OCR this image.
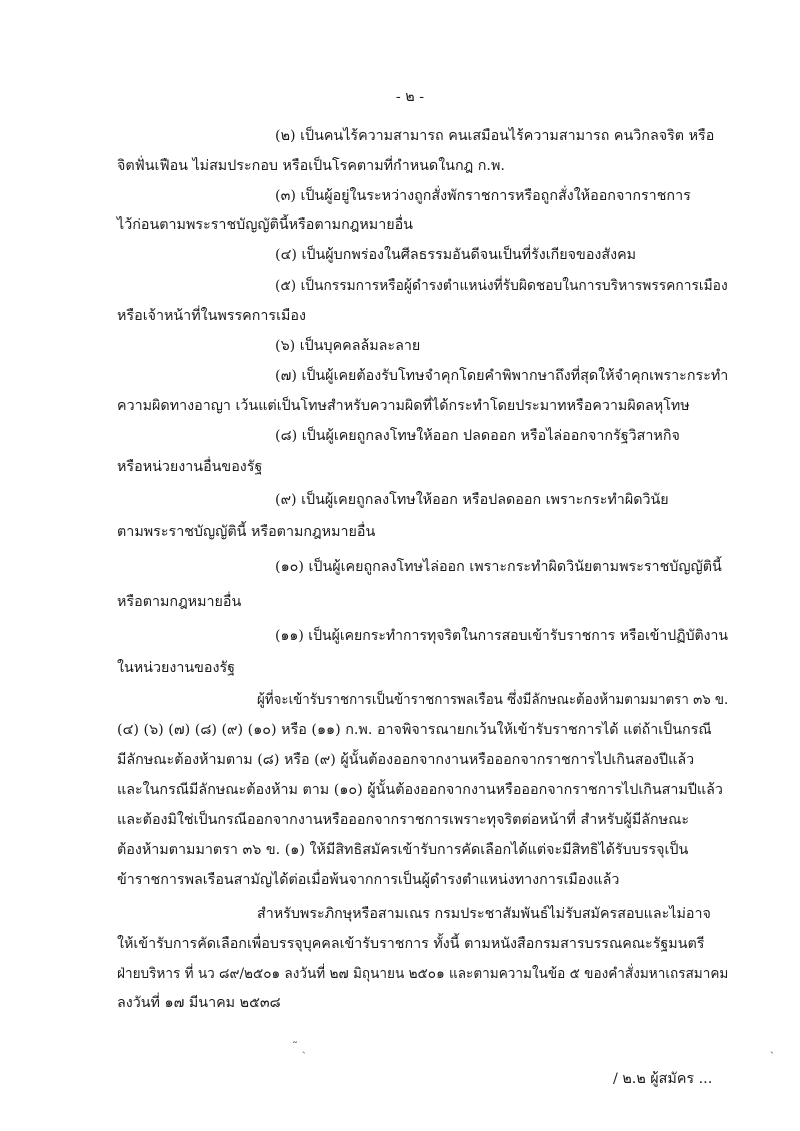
- ๒ -
(๒) เป็นคนไร้ความสามารถ คนเสมือนไร้ความสามารถ คนวิกลจริต หรือ
จิตฟั่นเฟือน ไม่สมประกอบ หรือเป็นโรคตามที่กำหนดในกฎ ก.พ.
(๓) เป็นผู้อยู่ในระหว่างถูกสั่งพักราชการหรือถูกสั่งให้ออกจากราชการ
ไว้ก่อนตามพระราชบัญญัตินี้หรือตามกฎหมายอื่น
(๔) เป็นผู้บกพร่องในศีลธรรมอันดีจนเป็นที่รังเกียจของสังคม
(๕) เป็นกรรมการหรือผู้ดำรงตำแหน่งที่รับผิดชอบในการบริหารพรรคการเมือง
หรือเจ้าหน้าที่ในพรรคการเมือง
(๖) เป็นบุคคลล้มละลาย
(๗) เป็นผู้เคยต้องรับโทษจำคุกโดยคำพิพากษาถึงที่สุดให้จำคุกเพราะกระทำ
ความผิดทางอาญา เว้นแต่เป็นโทษสำหรับความผิดที่ได้กระทำโดยประมาทหรือความผิดลหุโทษ
(๘) เป็นผู้เคยถูกลงโทษให้ออก ปลดออก หรือไล่ออกจากรัฐวิสาหกิจ
หรือหน่วยงานอื่นของรัฐ
(๙) เป็นผู้เคยถูกลงโทษให้ออก หรือปลดออก เพราะกระทำผิดวินัย
ตามพระราชบัญญัตินี้ หรือตามกฎหมายอื่น
(๑๐) เป็นผู้เคยถูกลงโทษไล่ออก เพราะกระทำผิดวินัยตามพระราชบัญญัตินี้
หรือตามกฎหมายอื่น
(๑๑) เป็นผู้เคยกระทำการทุจริตในการสอบเข้ารับราชการ หรือเข้าปฏิบัติงาน
ในหน่วยงานของรัฐ
ผู้ที่จะเข้ารับราชการเป็นข้าราชการพลเรือน ซึ่งมีลักษณะต้องห้ามตามมาตรา ๓๖ ข.
(๔) (๖) (๗) (๘) (๙) (๑๐) หรือ (๑๑) ก.พ. อาจพิจารณายกเว้นให้เข้ารับราชการได้ แต่ถ้าเป็นกรณี
มีลักษณะต้องห้ามตาม (๘) หรือ (๙) ผู้นั้นต้องออกจากงานหรือออกจากราชการไปเกินสองปีแล้ว
และในกรณีมีลักษณะต้องห้าม ตาม (๑๐) ผู้นั้นต้องออกจากงานหรือออกจากราชการไปเกินสามปีแล้ว
และต้องมิใช่เป็นกรณีออกจากงานหรือออกจากราชการเพราะทุจริตต่อหน้าที่ สำหรับผู้มีลักษณะ
ต้องห้ามตามมาตรา ๓๖ ข. (๑) ให้มีสิทธิสมัครเข้ารับการคัดเลือกได้แต่จะมีสิทธิได้รับบรรจุเป็น
ข้าราชการพลเรือนสามัญได้ต่อเมื่อพ้นจากการเป็นผู้ดำรงตำแหน่งทางการเมืองแล้ว
สำหรับพระภิกษุหรือสามเณร กรมประชาสัมพันธ์ไม่รับสมัครสอบและไม่อาจ
ให้เข้ารับการคัดเลือกเพื่อบรรจุบุคคลเข้ารับราชการ ทั้งนี้ ตามหนังสือกรมสารบรรณคณะรัฐมนตรี
ฝ่ายบริหาร ที่ นว ๘๙/๒๕๐๑ ลงวันที่ ๒๗ มิถุนายน ๒๕๐๑ และตามความในข้อ ๕ ของคำสั่งมหาเถรสมาคม
ลงวันที่ ๑๗ มีนาคม ๒๕๓๘
˜ ˏ	ˏ
/ ๒.๒ ผู้สมัคร ...
